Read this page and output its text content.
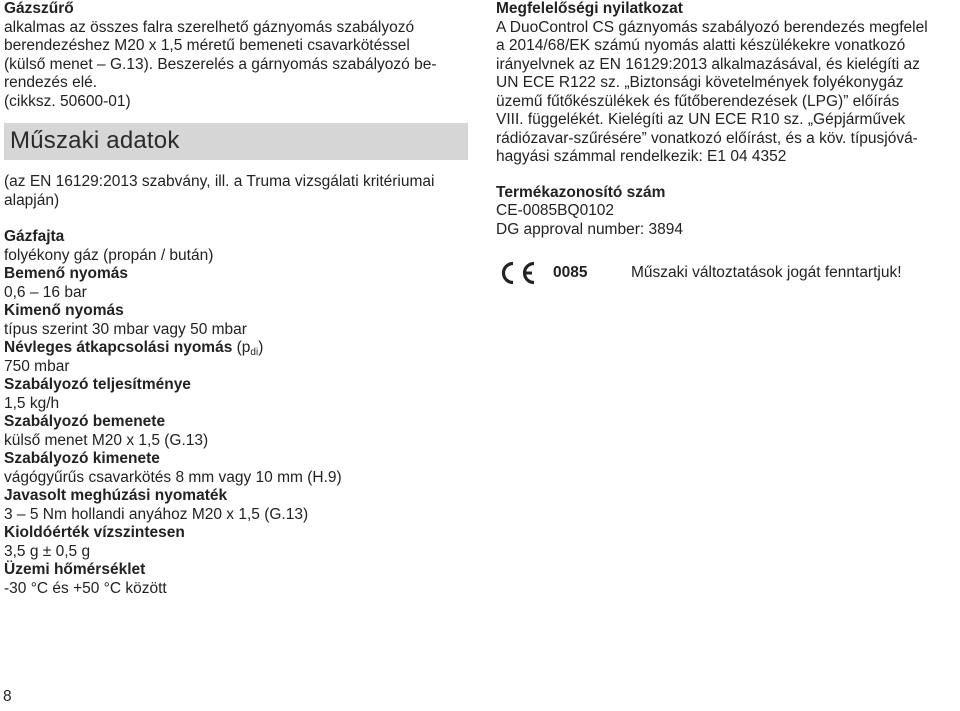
Gázszűrő

alkalmas az összes falra szerelhető gáznyomás szabályozó

berendezéshez M20 x 1,5 méretű bemeneti csavarkötéssel

(külső menet – G.13). Beszerelés a gárnyomás szabályozó be-

rendezés elé.

(cikksz. 50600-01)

Műszaki adatok

(az EN 16129:2013 szabvány, ill. a Truma vizsgálati kritériumai

alapján)

Gázfajta

folyékony gáz (propán / bután)

Bemenő nyomás

0,6 – 16 bar

Kimenő nyomás

típus szerint 30 mbar vagy 50 mbar

Névleges átkapcsolási nyomás $(p_{di})$

750 mbar

Szabályozó teljesítménye

1,5 kg/h

Szabályozó bemenete

külső menet M20 x 1,5 (G.13)

Szabályozó kimenete

vágógyűrűs csavarkötés 8 mm vagy 10 mm (H.9)

Javasolt meghúzási nyomaték

3 – 5 Nm hollandi anyához M20 x 1,5 (G.13)

Kioldóérték vízszintesen

3,5 g ± 0,5 g

Üzemi hőmérséklet

-30 °C és +50 °C között

Megfelelőségi nyilatkozat

A DuoControl CS gáznyomás szabályozó berendezés megfelel

a 2014/68/EK számú nyomás alatti készülékekre vonatkozó

irányelvnek az EN 16129:2013 alkalmazásával, és kielégíti az

UN ECE R122 sz. „Biztonsági követelmények folyékonygáz

üzemű fűtőkészülékek és fűtőberendezések (LPG)” előírás

VIII. függelékét. Kielégíti az UN ECE R10 sz. „Gépjárművek

rádiózavar-szűrésére” vonatkozó előírást, és a köv. típusjóvá-

hagyási számmal rendelkezik: E1 04 4352

Termékazonosító szám

CE-0085BQ0102

DG approval number: 3894

0085	Műszaki változtatások jogát fenntartjuk!
8
